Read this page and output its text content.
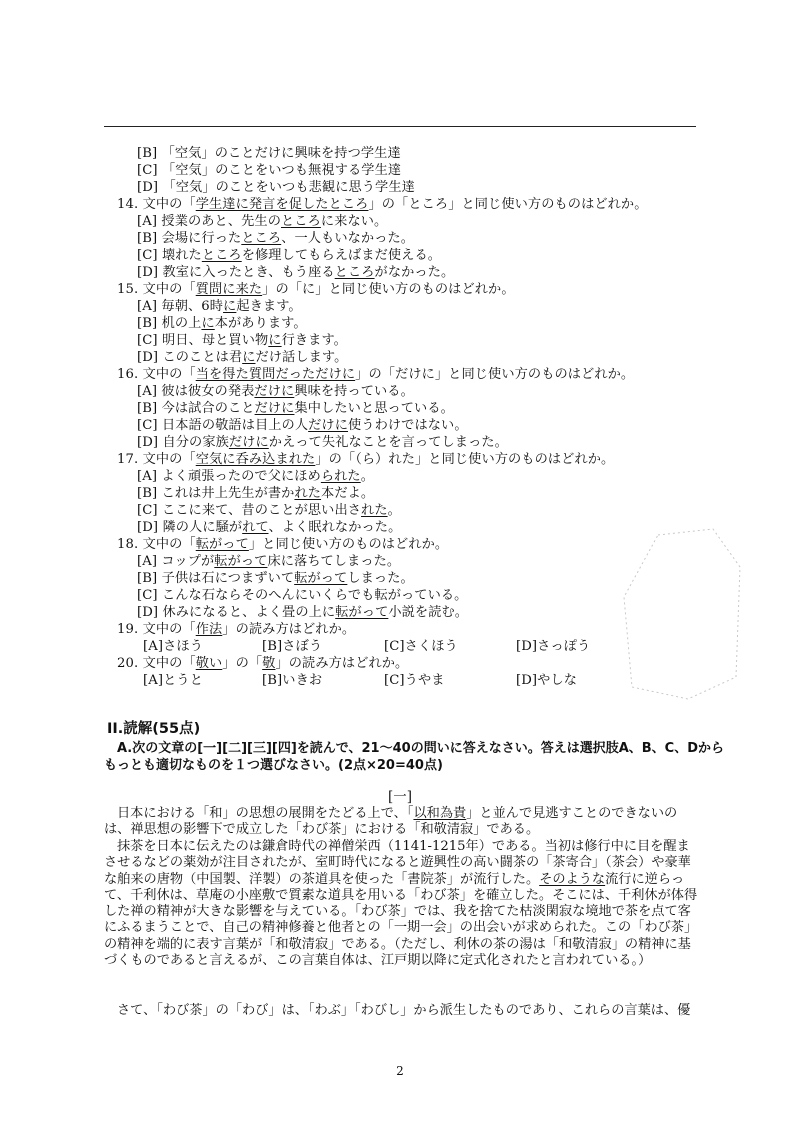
[B] 「空気」のことだけに興味を持つ学生達
[C] 「空気」のことをいつも無視する学生達
[D] 「空気」のことをいつも悲観に思う学生達
14. 文中の「学生達に発言を促したところ」の「ところ」と同じ使い方のものはどれか。
[A] 授業のあと、先生のところに来ない。
[B] 会場に行ったところ、一人もいなかった。
[C] 壊れたところを修理してもらえばまだ使える。
[D] 教室に入ったとき、もう座るところがなかった。
15. 文中の「質問に来た」の「に」と同じ使い方のものはどれか。
[A] 毎朝、6時に起きます。
[B] 机の上に本があります。
[C] 明日、母と買い物に行きます。
[D] このことは君にだけ話します。
16. 文中の「当を得た質問だっただけに」の「だけに」と同じ使い方のものはどれか。
[A] 彼は彼女の発表だけに興味を持っている。
[B] 今は試合のことだけに集中したいと思っている。
[C] 日本語の敬語は目上の人だけに使うわけではない。
[D] 自分の家族だけにかえって失礼なことを言ってしまった。
17. 文中の「空気に呑み込まれた」の「（ら）れた」と同じ使い方のものはどれか。
[A] よく頑張ったので父にほめられた。
[B] これは井上先生が書かれた本だよ。
[C] ここに来て、昔のことが思い出された。
[D] 隣の人に騒がれて、よく眠れなかった。
18. 文中の「転がって」と同じ使い方のものはどれか。
[A] コップが転がって床に落ちてしまった。
[B] 子供は石につまずいて転がってしまった。
[C] こんな石ならそのへんにいくらでも転がっている。
[D] 休みになると、よく畳の上に転がって小説を読む。
19. 文中の「作法」の読み方はどれか。
[A]さほう	[B]さぼう	[C]さくほう	[D]さっぽう
20. 文中の「敬い」の「敬」の読み方はどれか。
[A]とうと	[B]いきお	[C]うやま	[D]やしな
II.読解(55点)
A.次の文章の[一][二][三][四]を読んで、21～40の問いに答えなさい。答えは選択肢A、B、C、Dから
もっとも適切なものを１つ選びなさい。(2点×20=40点)
[一]
日本における「和」の思想の展開をたどる上で、「以和為貴」と並んで見逃すことのできないのは、禅思想の影響下で成立した「わび茶」における「和敬清寂」である。
抹茶を日本に伝えたのは鎌倉時代の禅僧栄西（1141-1215年）である。当初は修行中に目を醒まさせるなどの薬効が注目されたが、室町時代になると遊興性の高い闘茶の「茶寄合」（茶会）や豪華な舶来の唐物（中国製、洋製）の茶道具を使った「書院茶」が流行した。そのような流行に逆らって、千利休は、草庵の小座敷で質素な道具を用いる「わび茶」を確立した。そこには、千利休が体得した禅の精神が大きな影響を与えている。「わび茶」では、我を捨てた枯淡閑寂な境地で茶を点て客にふるまうことで、自己の精神修養と他者との「一期一会」の出会いが求められた。この「わび茶」の精神を端的に表す言葉が「和敬清寂」である。（ただし、利休の茶の湯は「和敬清寂」の精神に基づくものであると言えるが、この言葉自体は、江戸期以降に定式化されたと言われている。）
さて、「わび茶」の「わび」は、「わぶ」「わびし」から派生したものであり、これらの言葉は、優
2
